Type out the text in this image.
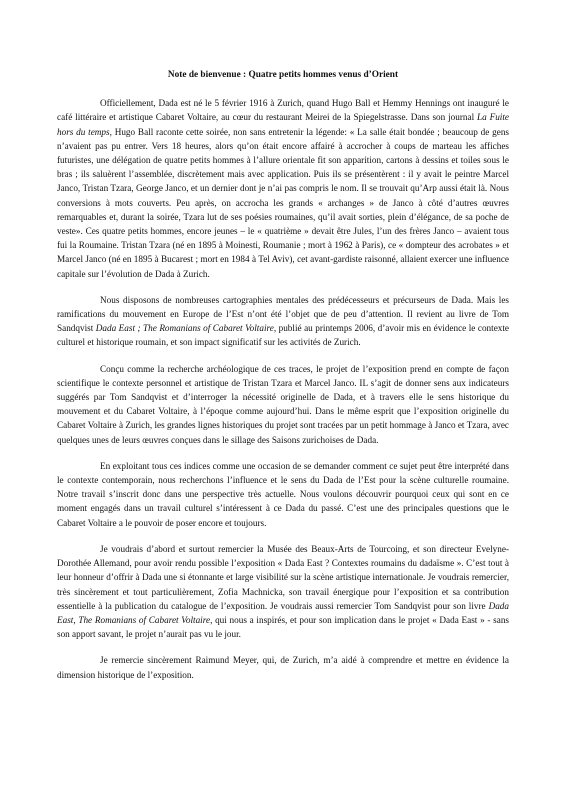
Note de bienvenue : Quatre petits hommes venus d’Orient

Officiellement, Dada est né le 5 février 1916 à Zurich, quand Hugo Ball et Hemmy Hennings ont inauguré le café littéraire et artistique Cabaret Voltaire, au cœur du restaurant Meirei de la Spiegelstrasse. Dans son journal La Fuite hors du temps, Hugo Ball raconte cette soirée, non sans entretenir la légende: « La salle était bondée ; beaucoup de gens n’avaient pas pu entrer. Vers 18 heures, alors qu’on était encore affairé à accrocher à coups de marteau les affiches futuristes, une délégation de quatre petits hommes à l’allure orientale fit son apparition, cartons à dessins et toiles sous le bras ; ils saluèrent l’assemblée, discrètement mais avec application. Puis ils se présentèrent : il y avait le peintre Marcel Janco, Tristan Tzara, George Janco, et un dernier dont je n’ai pas compris le nom. Il se trouvait qu’Arp aussi était là. Nous conversions à mots couverts. Peu après, on accrocha les grands « archanges » de Janco à côté d’autres œuvres remarquables et, durant la soirée, Tzara lut de ses poésies roumaines, qu’il avait sorties, plein d’élégance, de sa poche de veste». Ces quatre petits hommes, encore jeunes – le « quatrième » devait être Jules, l’un des frères Janco – avaient tous fui la Roumaine. Tristan Tzara (né en 1895 à Moinesti, Roumanie ; mort à 1962 à Paris), ce « dompteur des acrobates » et Marcel Janco (né en 1895 à Bucarest ; mort en 1984 à Tel Aviv), cet avant-gardiste raisonné, allaient exercer une influence capitale sur l’évolution de Dada à Zurich.

Nous disposons de nombreuses cartographies mentales des prédécesseurs et précurseurs de Dada. Mais les ramifications du mouvement en Europe de l’Est n’ont été l’objet que de peu d’attention. Il revient au livre de Tom Sandqvist Dada East ; The Romanians of Cabaret Voltaire, publié au printemps 2006, d’avoir mis en évidence le contexte culturel et historique roumain, et son impact significatif sur les activités de Zurich.

Conçu comme la recherche archéologique de ces traces, le projet de l’exposition prend en compte de façon scientifique le contexte personnel et artistique de Tristan Tzara et Marcel Janco. IL s’agit de donner sens aux indicateurs suggérés par Tom Sandqvist et d’interroger la nécessité originelle de Dada, et à travers elle le sens historique du mouvement et du Cabaret Voltaire, à l’époque comme aujourd’hui. Dans le même esprit que l’exposition originelle du Cabaret Voltaire à Zurich, les grandes lignes historiques du projet sont tracées par un petit hommage à Janco et Tzara, avec quelques unes de leurs œuvres conçues dans le sillage des Saisons zurichoises de Dada.

En exploitant tous ces indices comme une occasion de se demander comment ce sujet peut être interprété dans le contexte contemporain, nous recherchons l’influence et le sens du Dada de l’Est pour la scène culturelle roumaine. Notre travail s’inscrit donc dans une perspective très actuelle. Nous voulons découvrir pourquoi ceux qui sont en ce moment engagés dans un travail culturel s’intéressent à ce Dada du passé. C’est une des principales questions que le Cabaret Voltaire a le pouvoir de poser encore et toujours.

Je voudrais d’abord et surtout remercier la Musée des Beaux-Arts de Tourcoing, et son directeur Evelyne-Dorothée Allemand, pour avoir rendu possible l’exposition « Dada East ? Contextes roumains du dadaïsme ». C’est tout à leur honneur d’offrir à Dada une si étonnante et large visibilité sur la scène artistique internationale. Je voudrais remercier, très sincèrement et tout particulièrement, Zofia Machnicka, son travail énergique pour l’exposition et sa contribution essentielle à la publication du catalogue de l’exposition. Je voudrais aussi remercier Tom Sandqvist pour son livre Dada East, The Romanians of Cabaret Voltaire, qui nous a inspirés, et pour son implication dans le projet « Dada East » - sans son apport savant, le projet n’aurait pas vu le jour.

Je remercie sincèrement Raimund Meyer, qui, de Zurich, m’a aidé à comprendre et mettre en évidence la dimension historique de l’exposition.
